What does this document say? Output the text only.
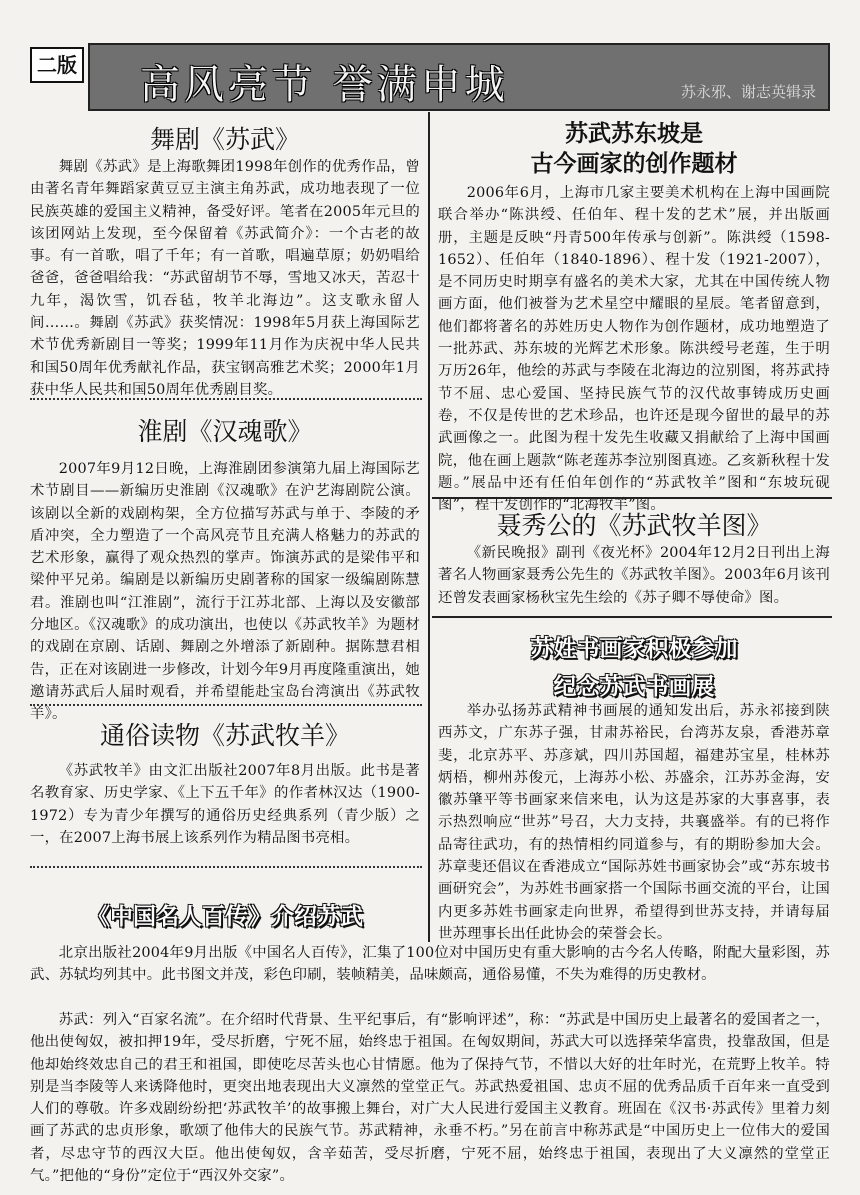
二版 高风亮节 誉满申城	苏永邪、谢志英辑录
舞剧《苏武》

舞剧《苏武》是上海歌舞团1998年创作的优秀作品，曾由著名青年舞蹈家黄豆豆主演主角苏武，成功地表现了一位民族英雄的爱国主义精神，备受好评。笔者在2005年元旦的该团网站上发现，至今保留着《苏武简介》：一个古老的故事。有一首歌，唱了千年；有一首歌，唱遍草原；奶奶唱给爸爸，爸爸唱给我：“苏武留胡节不辱，雪地又冰天，苦忍十九年，渴饮雪，饥吞毡，牧羊北海边”。这支歌永留人间……。舞剧《苏武》获奖情况：1998年5月获上海国际艺术节优秀新剧目一等奖；1999年11月作为庆祝中华人民共和国50周年优秀献礼作品，获宝钢高雅艺术奖；2000年1月获中华人民共和国50周年优秀剧目奖。

淮剧《汉魂歌》

2007年9月12日晚，上海淮剧团参演第九届上海国际艺术节剧目——新编历史淮剧《汉魂歌》在沪艺海剧院公演。该剧以全新的戏剧构架，全方位描写苏武与单于、李陵的矛盾冲突，全力塑造了一个高风亮节且充满人格魅力的苏武的艺术形象，赢得了观众热烈的掌声。饰演苏武的是梁伟平和梁仲平兄弟。编剧是以新编历史剧著称的国家一级编剧陈慧君。淮剧也叫“江淮剧”，流行于江苏北部、上海以及安徽部分地区。《汉魂歌》的成功演出，也使以《苏武牧羊》为题材的戏剧在京剧、话剧、舞剧之外增添了新剧种。据陈慧君相告，正在对该剧进一步修改，计划今年9月再度隆重演出，她邀请苏武后人届时观看，并希望能赴宝岛台湾演出《苏武牧羊》。

通俗读物《苏武牧羊》

《苏武牧羊》由文汇出版社2007年8月出版。此书是著名教育家、历史学家、《上下五千年》的作者林汉达（1900-1972）专为青少年撰写的通俗历史经典系列（青少版）之一，在2007上海书展上该系列作为精品图书亮相。

《中国名人百传》介绍苏武
苏武苏东坡是
古今画家的创作题材

2006年6月，上海市几家主要美术机构在上海中国画院联合举办“陈洪绶、任伯年、程十发的艺术”展，并出版画册，主题是反映“丹青500年传承与创新”。陈洪绶（1598-1652）、任伯年（1840-1896）、程十发（1921-2007），是不同历史时期享有盛名的美术大家，尤其在中国传统人物画方面，他们被誉为艺术星空中耀眼的星辰。笔者留意到，他们都将著名的苏姓历史人物作为创作题材，成功地塑造了一批苏武、苏东坡的光辉艺术形象。陈洪绶号老莲，生于明万历26年，他绘的苏武与李陵在北海边的泣别图，将苏武持节不屈、忠心爱国、坚持民族气节的汉代故事铸成历史画卷，不仅是传世的艺术珍品，也许还是现今留世的最早的苏武画像之一。此图为程十发先生收藏又捐献给了上海中国画院，他在画上题款“陈老莲苏李泣别图真迹。乙亥新秋程十发题。”展品中还有任伯年创作的“苏武牧羊”图和“东坡玩砚图”，程十发创作的“北海牧羊”图。

聂秀公的《苏武牧羊图》

《新民晚报》副刊《夜光杯》2004年12月2日刊出上海著名人物画家聂秀公先生的《苏武牧羊图》。2003年6月该刊还曾发表画家杨秋宝先生绘的《苏子卿不辱使命》图。

苏姓书画家积极参加
纪念苏武书画展

举办弘扬苏武精神书画展的通知发出后，苏永祁接到陕西苏文，广东苏子强，甘肃苏裕民，台湾苏友泉，香港苏章斐，北京苏平、苏彦斌，四川苏国超，福建苏宝星，桂林苏炳梧，柳州苏俊元，上海苏小松、苏盛余，江苏苏金海，安徽苏肇平等书画家来信来电，认为这是苏家的大事喜事，表示热烈响应“世苏”号召，大力支持，共襄盛举。有的已将作品寄往武功，有的热情相约同道参与，有的期盼参加大会。苏章斐还倡议在香港成立“国际苏姓书画家协会”或“苏东坡书画研究会”，为苏姓书画家搭一个国际书画交流的平台，让国内更多苏姓书画家走向世界，希望得到世苏支持，并请每届世苏理事长出任此协会的荣誉会长。

北京出版社2004年9月出版《中国名人百传》，汇集了100位对中国历史有重大影响的古今名人传略，附配大量彩图，苏武、苏轼均列其中。此书图文并茂，彩色印刷，装帧精美，品味颇高，通俗易懂，不失为难得的历史教材。

苏武：列入“百家名流”。在介绍时代背景、生平纪事后，有“影响评述”，称：“苏武是中国历史上最著名的爱国者之一，他出使匈奴，被扣押19年，受尽折磨，宁死不屈，始终忠于祖国。在匈奴期间，苏武大可以选择荣华富贵，投靠敌国，但是他却始终效忠自己的君王和祖国，即使吃尽苦头也心甘情愿。他为了保持气节，不惜以大好的壮年时光，在荒野上牧羊。特别是当李陵等人来诱降他时，更突出地表现出大义凛然的堂堂正气。苏武热爱祖国、忠贞不屈的优秀品质千百年来一直受到人们的尊敬。许多戏剧纷纷把‘苏武牧羊’的故事搬上舞台，对广大人民进行爱国主义教育。班固在《汉书·苏武传》里着力刻画了苏武的忠贞形象，歌颂了他伟大的民族气节。苏武精神，永垂不朽。”另在前言中称苏武是“中国历史上一位伟大的爱国者，尽忠守节的西汉大臣。他出使匈奴，含辛茹苦，受尽折磨，宁死不屈，始终忠于祖国，表现出了大义凛然的堂堂正气。”把他的“身份”定位于“西汉外交家”。
